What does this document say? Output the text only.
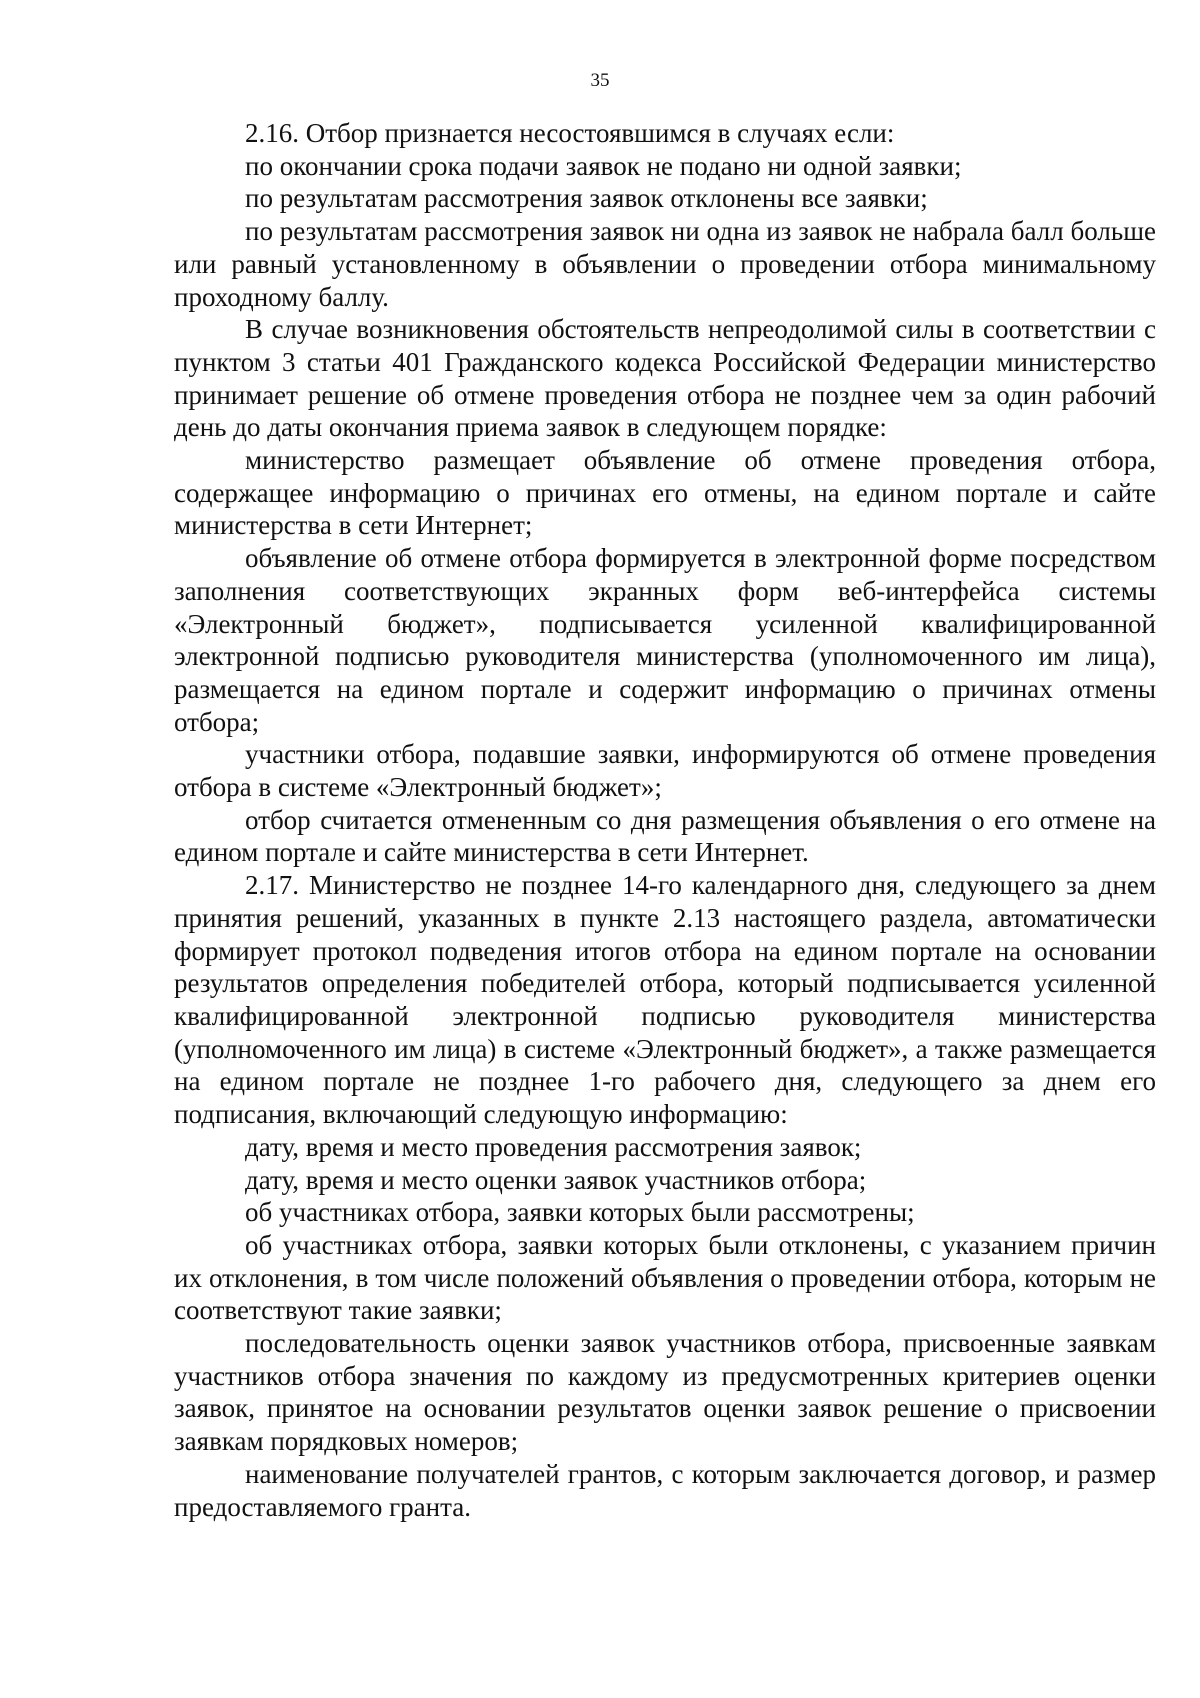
35

2.16. Отбор признается несостоявшимся в случаях если:

по окончании срока подачи заявок не подано ни одной заявки;

по результатам рассмотрения заявок отклонены все заявки;

по результатам рассмотрения заявок ни одна из заявок не набрала балл больше или равный установленному в объявлении о проведении отбора минимальному проходному баллу.

В случае возникновения обстоятельств непреодолимой силы в соответствии с пунктом 3 статьи 401 Гражданского кодекса Российской Федерации министерство принимает решение об отмене проведения отбора не позднее чем за один рабочий день до даты окончания приема заявок в следующем порядке:

министерство размещает объявление об отмене проведения отбора, содержащее информацию о причинах его отмены, на едином портале и сайте министерства в сети Интернет;

объявление об отмене отбора формируется в электронной форме посредством заполнения соответствующих экранных форм веб-интерфейса системы «Электронный бюджет», подписывается усиленной квалифицированной электронной подписью руководителя министерства (уполномоченного им лица), размещается на едином портале и содержит информацию о причинах отмены отбора;

участники отбора, подавшие заявки, информируются об отмене проведения отбора в системе «Электронный бюджет»;

отбор считается отмененным со дня размещения объявления о его отмене на едином портале и сайте министерства в сети Интернет.

2.17. Министерство не позднее 14-го календарного дня, следующего за днем принятия решений, указанных в пункте 2.13 настоящего раздела, автоматически формирует протокол подведения итогов отбора на едином портале на основании результатов определения победителей отбора, который подписывается усиленной квалифицированной электронной подписью руководителя министерства (уполномоченного им лица) в системе «Электронный бюджет», а также размещается на едином портале не позднее 1-го рабочего дня, следующего за днем его подписания, включающий следующую информацию:

дату, время и место проведения рассмотрения заявок;

дату, время и место оценки заявок участников отбора;

об участниках отбора, заявки которых были рассмотрены;

об участниках отбора, заявки которых были отклонены, с указанием причин их отклонения, в том числе положений объявления о проведении отбора, которым не соответствуют такие заявки;

последовательность оценки заявок участников отбора, присвоенные заявкам участников отбора значения по каждому из предусмотренных критериев оценки заявок, принятое на основании результатов оценки заявок решение о присвоении заявкам порядковых номеров;

наименование получателей грантов, с которым заключается договор, и размер предоставляемого гранта.
